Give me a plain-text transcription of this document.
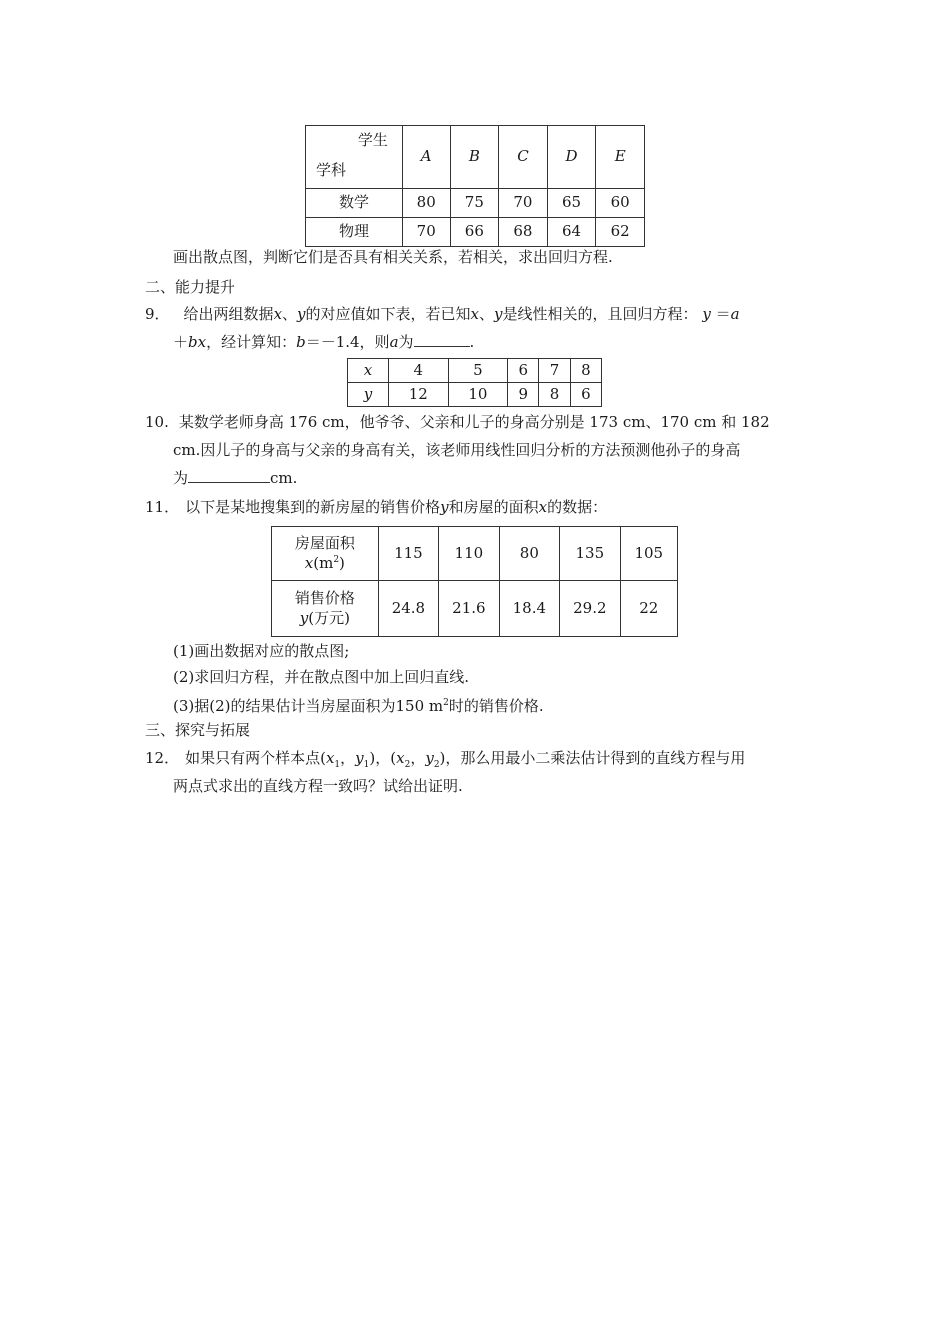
学生
学科	A	B	C	D	E
数学	80	75	70	65	60
物理	70	66	68	64	62
画出散点图，判断它们是否具有相关关系，若相关，求出回归方程.
二、能力提升
9． 给出两组数据x、y的对应值如下表，若已知x、y是线性相关的，且回归方程： y ＝a
＋bx，经计算知：b＝－1.4，则a为	.
x	4	5	6	7	8
y	12	10	9	8	6
10. 某数学老师身高 176 cm，他爷爷、父亲和儿子的身高分别是 173 cm、170 cm 和 182
cm.因儿子的身高与父亲的身高有关，该老师用线性回归分析的方法预测他孙子的身高
为	cm.
11． 以下是某地搜集到的新房屋的销售价格y和房屋的面积x的数据：
房屋面积
$x(m^2)$	115	110	80	135	105

销售价格
y(万元)	24.8	21.6	18.4	29.2	22
(1)画出数据对应的散点图;
(2)求回归方程，并在散点图中加上回归直线.
(3)据(2)的结果估计当房屋面积为150 $m^2$时的销售价格.
三、探究与拓展
12． 如果只有两个样本点($x_1$，$y_1$)，($x_2$，$y_2$)，那么用最小二乘法估计得到的直线方程与用
两点式求出的直线方程一致吗？试给出证明.
